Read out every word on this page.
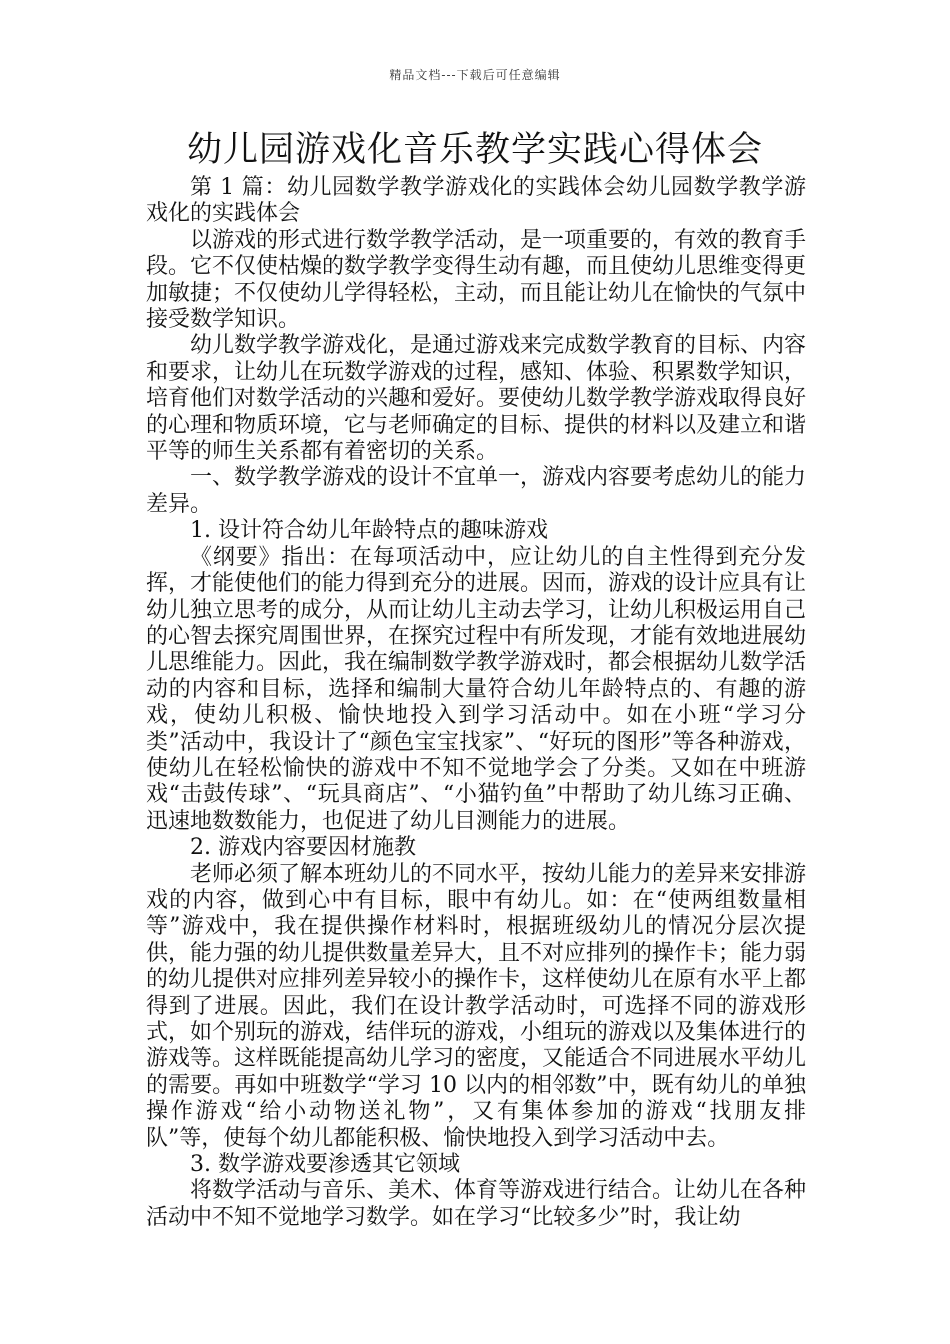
精品文档---下载后可任意编辑
幼儿园游戏化音乐教学实践心得体会

第 1 篇：幼儿园数学教学游戏化的实践体会幼儿园数学教学游戏化的实践体会

以游戏的形式进行数学教学活动，是一项重要的，有效的教育手段。它不仅使枯燥的数学教学变得生动有趣，而且使幼儿思维变得更加敏捷；不仅使幼儿学得轻松，主动，而且能让幼儿在愉快的气氛中接受数学知识。

幼儿数学教学游戏化，是通过游戏来完成数学教育的目标、内容和要求，让幼儿在玩数学游戏的过程，感知、体验、积累数学知识，培育他们对数学活动的兴趣和爱好。要使幼儿数学教学游戏取得良好的心理和物质环境，它与老师确定的目标、提供的材料以及建立和谐平等的师生关系都有着密切的关系。

一、数学教学游戏的设计不宜单一，游戏内容要考虑幼儿的能力差异。

1. 设计符合幼儿年龄特点的趣味游戏

《纲要》指出：在每项活动中，应让幼儿的自主性得到充分发挥，才能使他们的能力得到充分的进展。因而，游戏的设计应具有让幼儿独立思考的成分，从而让幼儿主动去学习，让幼儿积极运用自己的心智去探究周围世界，在探究过程中有所发现，才能有效地进展幼儿思维能力。因此，我在编制数学教学游戏时，都会根据幼儿数学活动的内容和目标，选择和编制大量符合幼儿年龄特点的、有趣的游戏，使幼儿积极、愉快地投入到学习活动中。如在小班“学习分类”活动中，我设计了“颜色宝宝找家”、“好玩的图形”等各种游戏，使幼儿在轻松愉快的游戏中不知不觉地学会了分类。又如在中班游戏“击鼓传球”、“玩具商店”、“小猫钓鱼”中帮助了幼儿练习正确、迅速地数数能力，也促进了幼儿目测能力的进展。

2. 游戏内容要因材施教

老师必须了解本班幼儿的不同水平，按幼儿能力的差异来安排游戏的内容，做到心中有目标，眼中有幼儿。如：在“使两组数量相等”游戏中，我在提供操作材料时，根据班级幼儿的情况分层次提供，能力强的幼儿提供数量差异大，且不对应排列的操作卡；能力弱的幼儿提供对应排列差异较小的操作卡，这样使幼儿在原有水平上都得到了进展。因此，我们在设计教学活动时，可选择不同的游戏形式，如个别玩的游戏，结伴玩的游戏，小组玩的游戏以及集体进行的游戏等。这样既能提高幼儿学习的密度，又能适合不同进展水平幼儿的需要。再如中班数学“学习 10 以内的相邻数”中，既有幼儿的单独操作游戏“给小动物送礼物”，又有集体参加的游戏“找朋友排队”等，使每个幼儿都能积极、愉快地投入到学习活动中去。

3. 数学游戏要渗透其它领域

将数学活动与音乐、美术、体育等游戏进行结合。让幼儿在各种活动中不知不觉地学习数学。如在学习“比较多少”时，我让幼
